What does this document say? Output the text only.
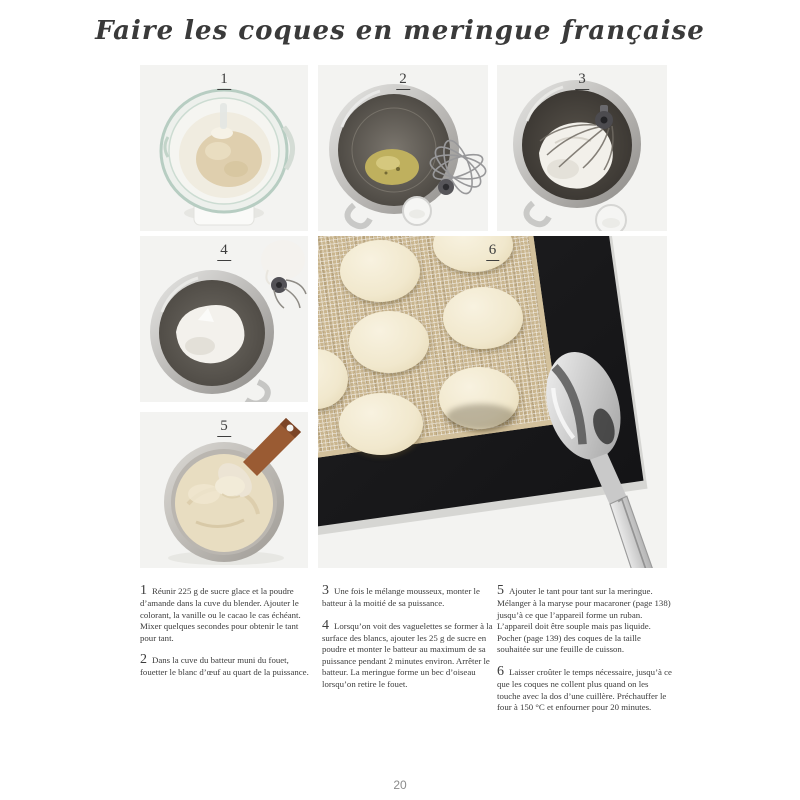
Faire les coques en meringue française
1	2	3
4
5
6

1 Réunir 225 g de sucre glace et la poudre d’amande dans la cuve du blender. Ajouter le colorant, la vanille ou le cacao le cas échéant. Mixer quelques secondes pour obtenir le tant pour tant.

2 Dans la cuve du batteur muni du fouet, fouetter le blanc d’œuf au quart de la puissance.

3 Une fois le mélange mousseux, monter le batteur à la moitié de sa puissance.

4 Lorsqu’on voit des vaguelettes se former à la surface des blancs, ajouter les 25 g de sucre en poudre et monter le batteur au maximum de sa puissance pendant 2 minutes environ. Arrêter le batteur. La meringue forme un bec d’oiseau lorsqu’on retire le fouet.

5 Ajouter le tant pour tant sur la meringue. Mélanger à la maryse pour macaroner (page 138) jusqu’à ce que l’appareil forme un ruban. L’appareil doit être souple mais pas liquide. Pocher (page 139) des coques de la taille souhaitée sur une feuille de cuisson.

6 Laisser croûter le temps nécessaire, jusqu’à ce que les coques ne collent plus quand on les touche avec la dos d’une cuillère. Préchauffer le four à 150 °C et enfourner pour 20 minutes.

20
